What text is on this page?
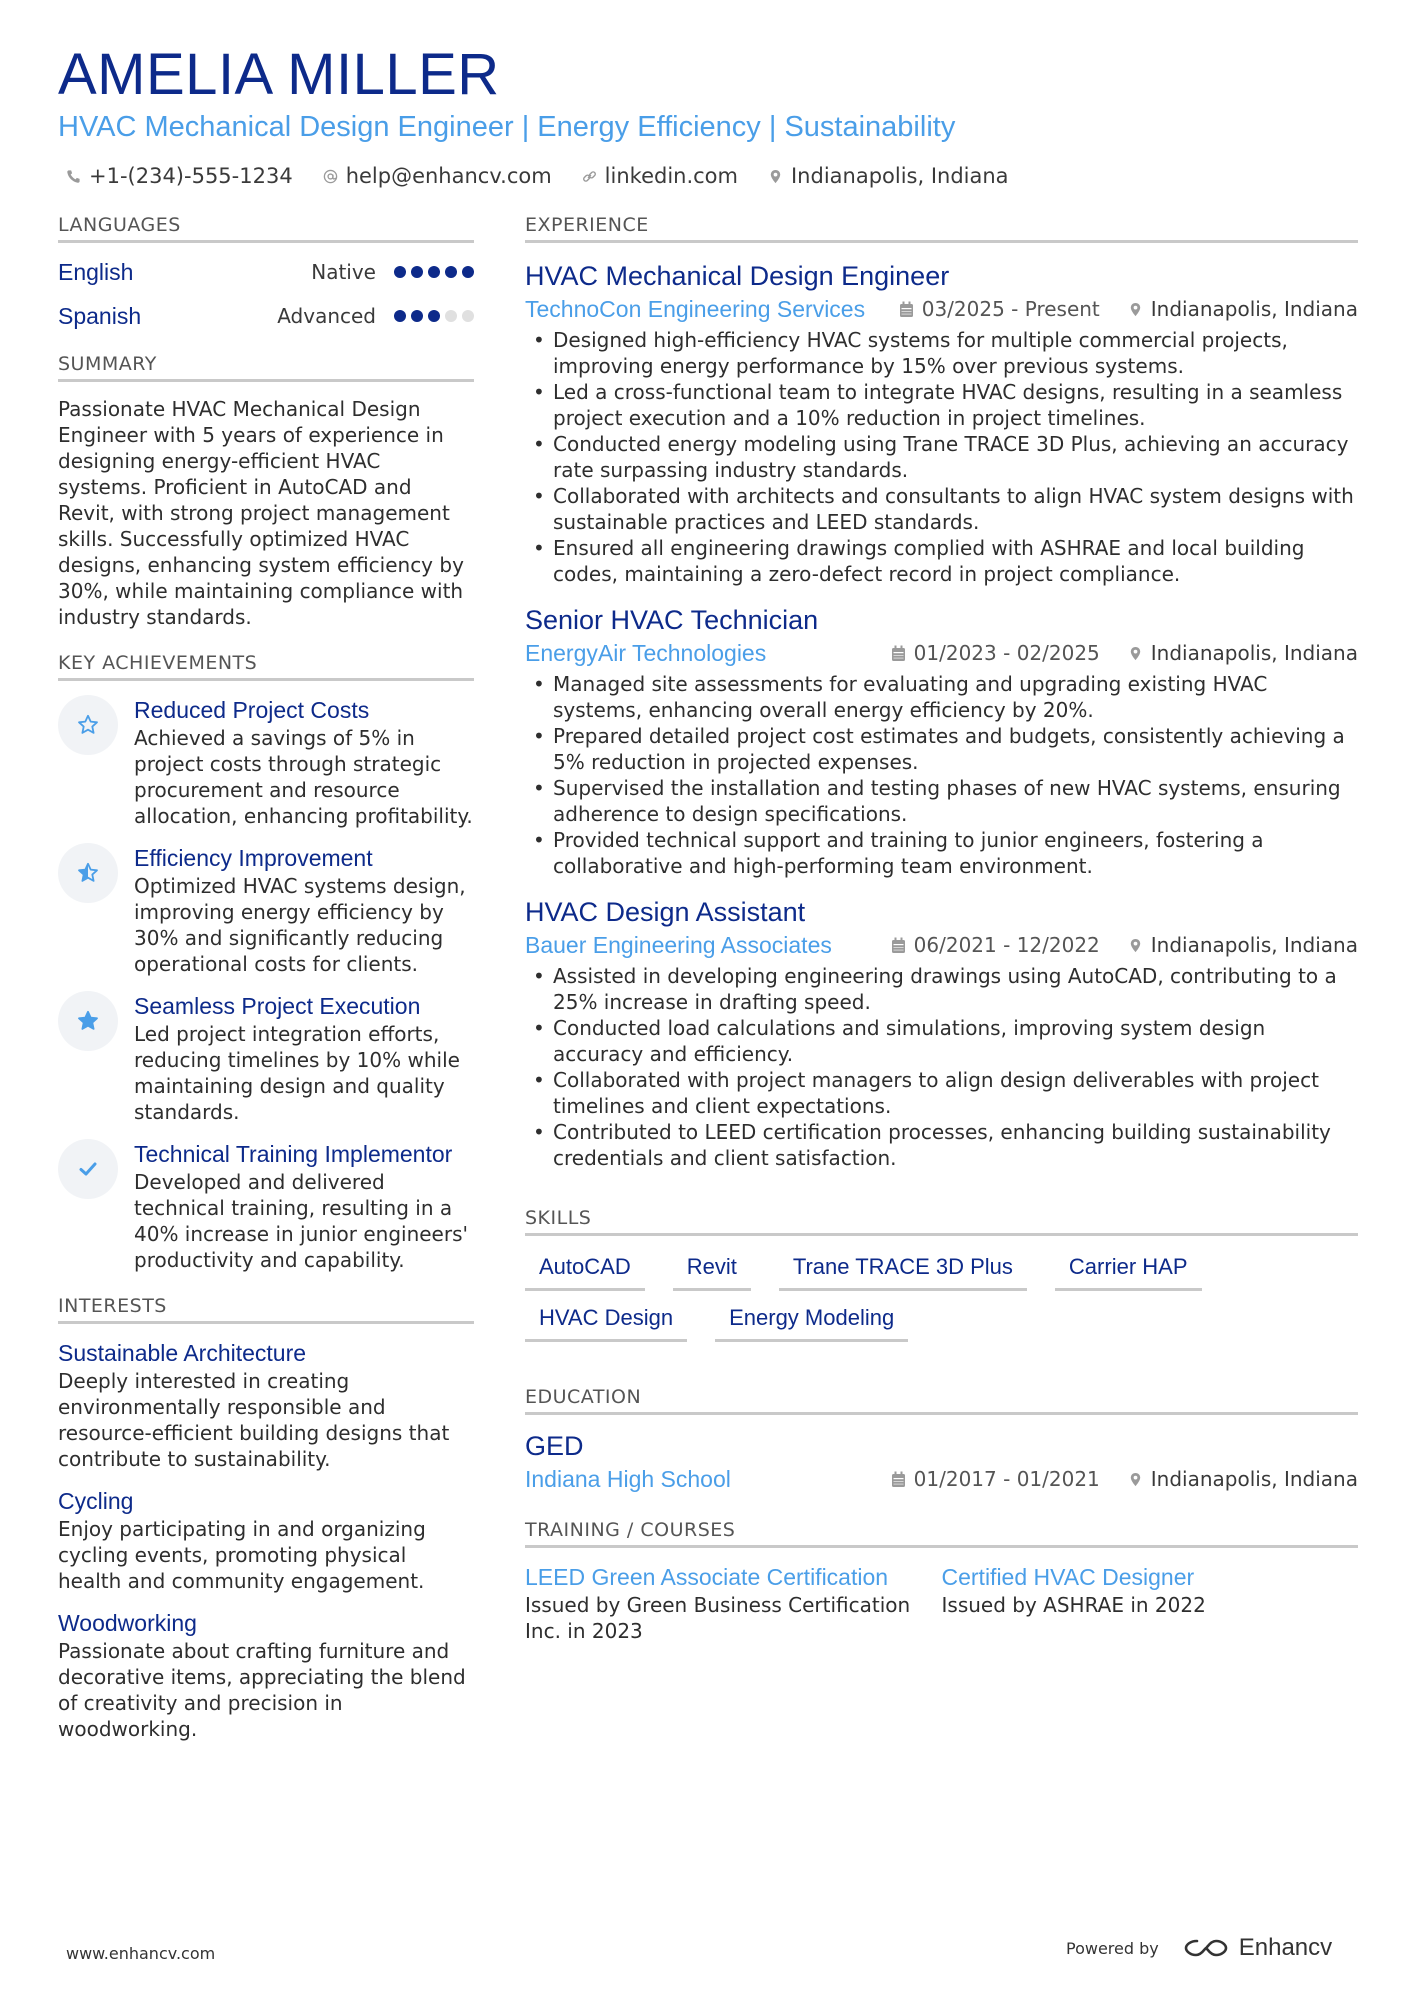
AMELIA MILLER
HVAC Mechanical Design Engineer | Energy Efficiency | Sustainability
+1-(234)-555-1234	help@enhancv.com	linkedin.com	Indianapolis, Indiana
LANGUAGES
English	Native
Spanish	Advanced
SUMMARY

Passionate HVAC Mechanical Design Engineer with 5 years of experience in designing energy-efficient HVAC systems. Proficient in AutoCAD and Revit, with strong project management skills. Successfully optimized HVAC designs, enhancing system efficiency by 30%, while maintaining compliance with industry standards.

KEY ACHIEVEMENTS
Reduced Project Costs
Achieved a savings of 5% in project costs through strategic procurement and resource allocation, enhancing profitability.
Efficiency Improvement
Optimized HVAC systems design, improving energy efficiency by 30% and significantly reducing operational costs for clients.
Seamless Project Execution
Led project integration efforts, reducing timelines by 10% while maintaining design and quality standards.
Technical Training Implementor
Developed and delivered technical training, resulting in a 40% increase in junior engineers' productivity and capability.
INTERESTS
Sustainable Architecture
Deeply interested in creating environmentally responsible and resource-efficient building designs that contribute to sustainability.
Cycling
Enjoy participating in and organizing cycling events, promoting physical health and community engagement.
Woodworking
Passionate about crafting furniture and decorative items, appreciating the blend of creativity and precision in woodworking.
EXPERIENCE
HVAC Mechanical Design Engineer
TechnoCon Engineering Services	03/2025 - Present	Indianapolis, Indiana
• Designed high-efficiency HVAC systems for multiple commercial projects, improving energy performance by 15% over previous systems.
• Led a cross-functional team to integrate HVAC designs, resulting in a seamless project execution and a 10% reduction in project timelines.
• Conducted energy modeling using Trane TRACE 3D Plus, achieving an accuracy rate surpassing industry standards.
• Collaborated with architects and consultants to align HVAC system designs with sustainable practices and LEED standards.
• Ensured all engineering drawings complied with ASHRAE and local building codes, maintaining a zero-defect record in project compliance.
Senior HVAC Technician
EnergyAir Technologies	01/2023 - 02/2025	Indianapolis, Indiana
• Managed site assessments for evaluating and upgrading existing HVAC systems, enhancing overall energy efficiency by 20%.
• Prepared detailed project cost estimates and budgets, consistently achieving a 5% reduction in projected expenses.
• Supervised the installation and testing phases of new HVAC systems, ensuring adherence to design specifications.
• Provided technical support and training to junior engineers, fostering a collaborative and high-performing team environment.
HVAC Design Assistant
Bauer Engineering Associates	06/2021 - 12/2022	Indianapolis, Indiana
• Assisted in developing engineering drawings using AutoCAD, contributing to a 25% increase in drafting speed.
• Conducted load calculations and simulations, improving system design accuracy and efficiency.
• Collaborated with project managers to align design deliverables with project timelines and client expectations.
• Contributed to LEED certification processes, enhancing building sustainability credentials and client satisfaction.
SKILLS
AutoCAD	Revit	Trane TRACE 3D Plus	Carrier HAP
HVAC Design	Energy Modeling
EDUCATION
GED
Indiana High School	01/2017 - 01/2021	Indianapolis, Indiana
TRAINING / COURSES
LEED Green Associate Certification
Issued by Green Business Certification Inc. in 2023
Certified HVAC Designer
Issued by ASHRAE in 2022
www.enhancv.com	Powered by	Enhancv
